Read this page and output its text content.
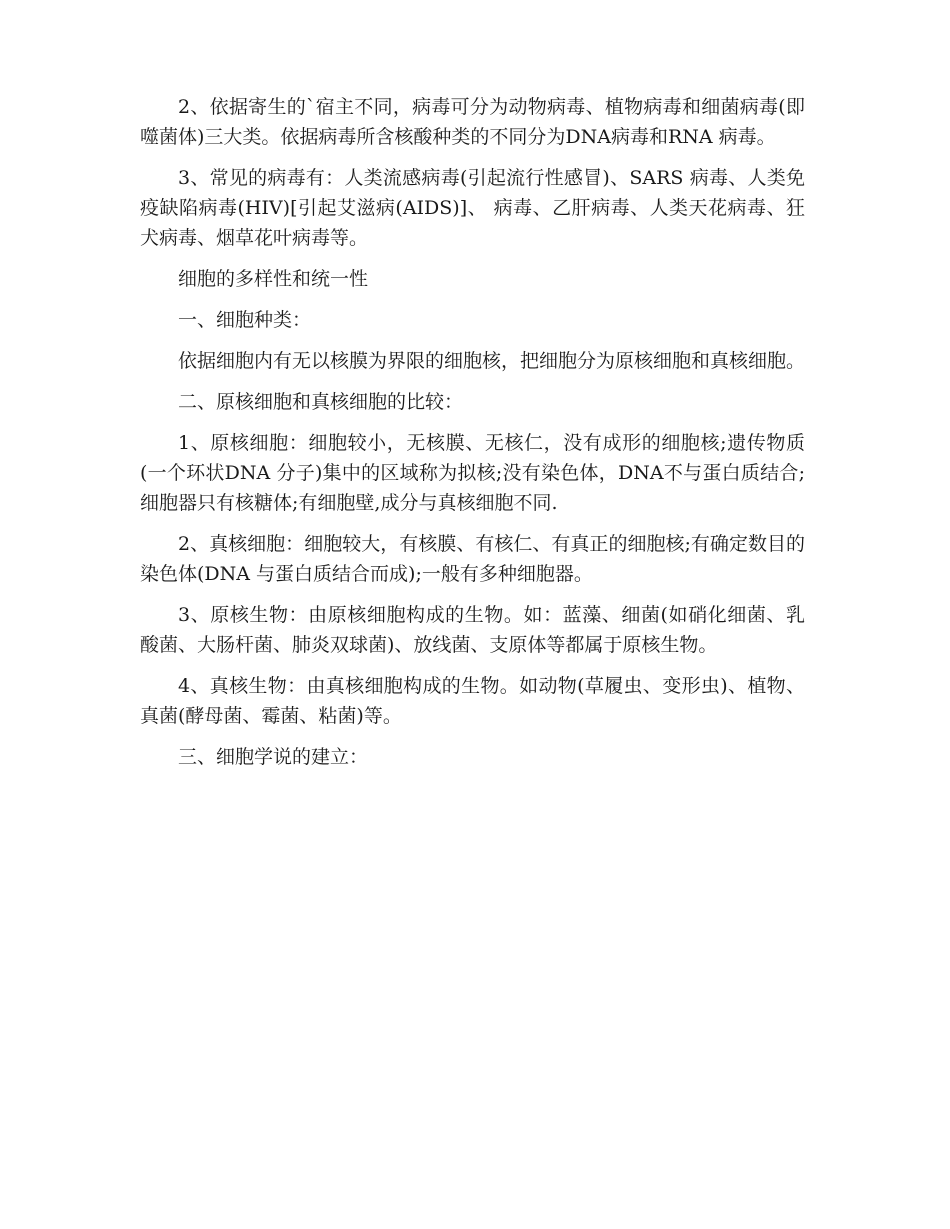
2、依据寄生的`宿主不同，病毒可分为动物病毒、植物病毒和细菌病毒(即噬菌体)三大类。依据病毒所含核酸种类的不同分为DNA病毒和RNA 病毒。

3、常见的病毒有：人类流感病毒(引起流行性感冒)、SARS 病毒、人类免疫缺陷病毒(HIV)[引起艾滋病(AIDS)]、 病毒、乙肝病毒、人类天花病毒、狂犬病毒、烟草花叶病毒等。

细胞的多样性和统一性

一、细胞种类：

依据细胞内有无以核膜为界限的细胞核，把细胞分为原核细胞和真核细胞。

二、原核细胞和真核细胞的比较：

1、原核细胞：细胞较小，无核膜、无核仁，没有成形的细胞核;遗传物质(一个环状DNA 分子)集中的区域称为拟核;没有染色体，DNA不与蛋白质结合;细胞器只有核糖体;有细胞壁,成分与真核细胞不同.

2、真核细胞：细胞较大，有核膜、有核仁、有真正的细胞核;有确定数目的染色体(DNA 与蛋白质结合而成);一般有多种细胞器。

3、原核生物：由原核细胞构成的生物。如：蓝藻、细菌(如硝化细菌、乳酸菌、大肠杆菌、肺炎双球菌)、放线菌、支原体等都属于原核生物。

4、真核生物：由真核细胞构成的生物。如动物(草履虫、变形虫)、植物、真菌(酵母菌、霉菌、粘菌)等。

三、细胞学说的建立：
